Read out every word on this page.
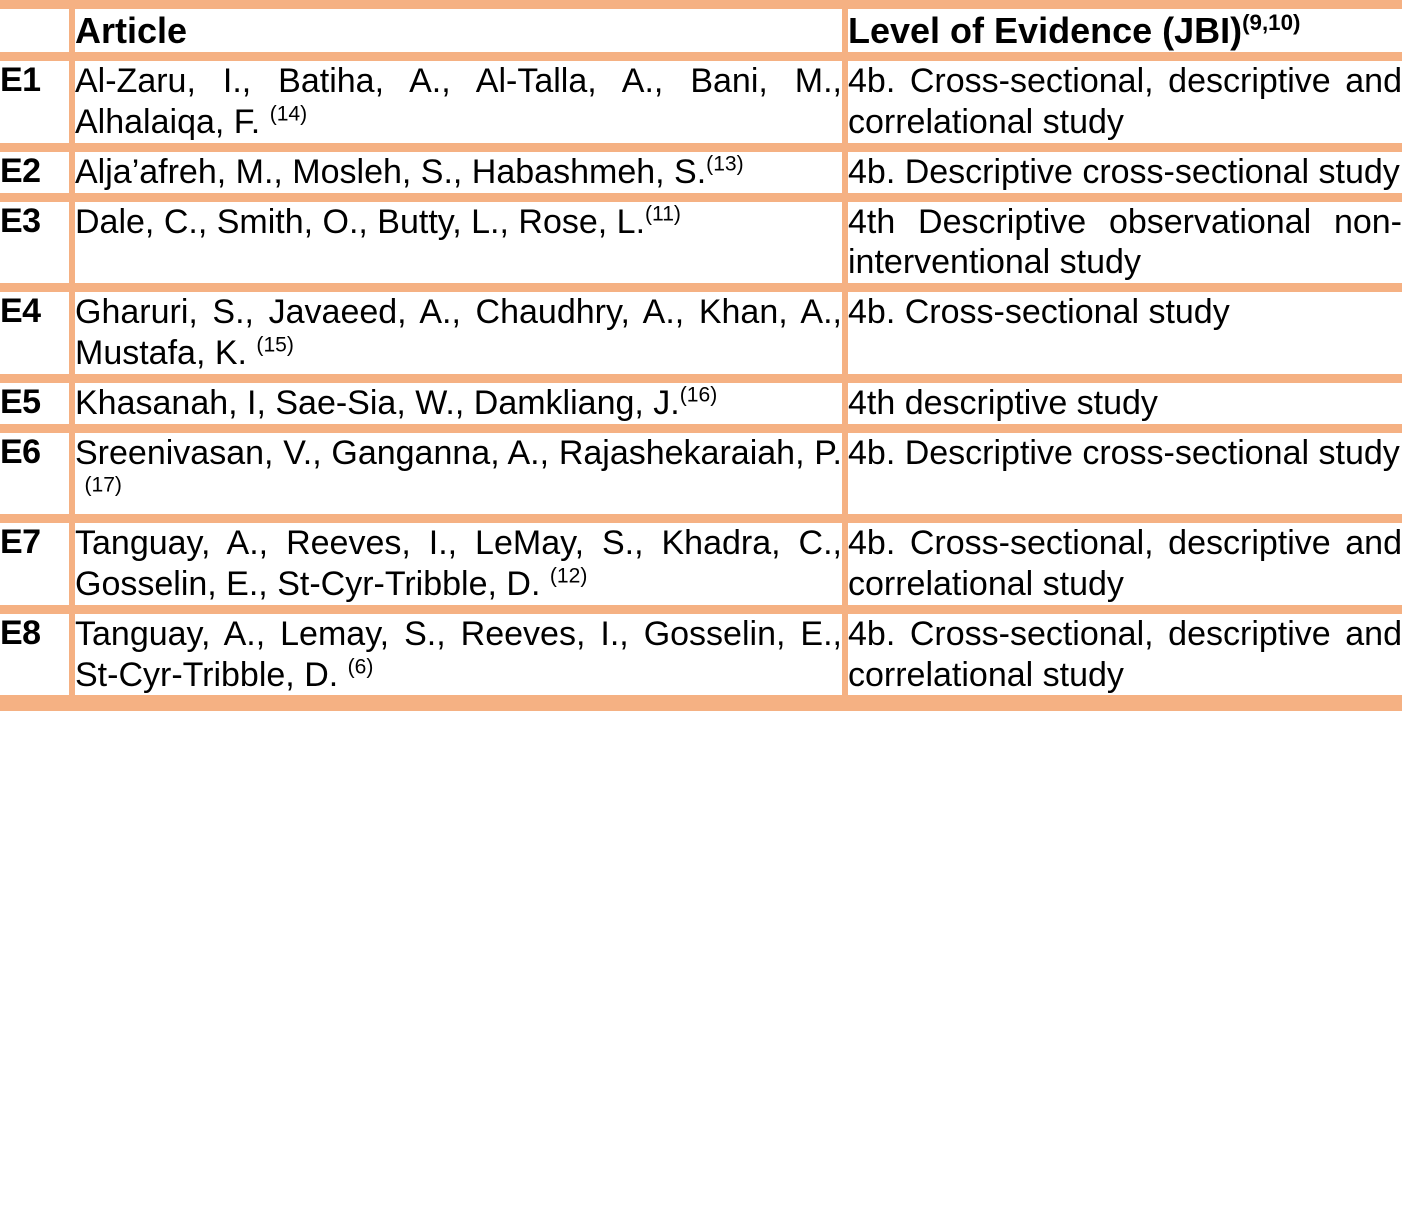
	Article	Level of Evidence (JBI)$^{(9,10)}$

E1	Al-Zaru, I., Batiha, A., Al-Talla, A., Bani, M., Alhalaiqa, F. $^{(14)}$	4b. Cross-sectional, descriptive and correlational study

E2	Alja’afreh, M., Mosleh, S., Habashmeh, S.$^{(13)}$	4b. Descriptive cross-sectional study

E3	Dale, C., Smith, O., Butty, L., Rose, L.$^{(11)}$	4th Descriptive observational non-interventional study

E4	Gharuri, S., Javaeed, A., Chaudhry, A., Khan, A., Mustafa, K. $^{(15)}$	4b. Cross-sectional study

E5	Khasanah, I, Sae-Sia, W., Damkliang, J.$^{(16)}$	4th descriptive study

E6	Sreenivasan, V., Ganganna, A., Rajashekaraiah, P. $^{(17)}$	4b. Descriptive cross-sectional study

E7	Tanguay, A., Reeves, I., LeMay, S., Khadra, C., Gosselin, E., St-Cyr-Tribble, D. $^{(12)}$	4b. Cross-sectional, descriptive and correlational study

E8	Tanguay, A., Lemay, S., Reeves, I., Gosselin, E., St-Cyr-Tribble, D. $^{(6)}$	4b. Cross-sectional, descriptive and correlational study
